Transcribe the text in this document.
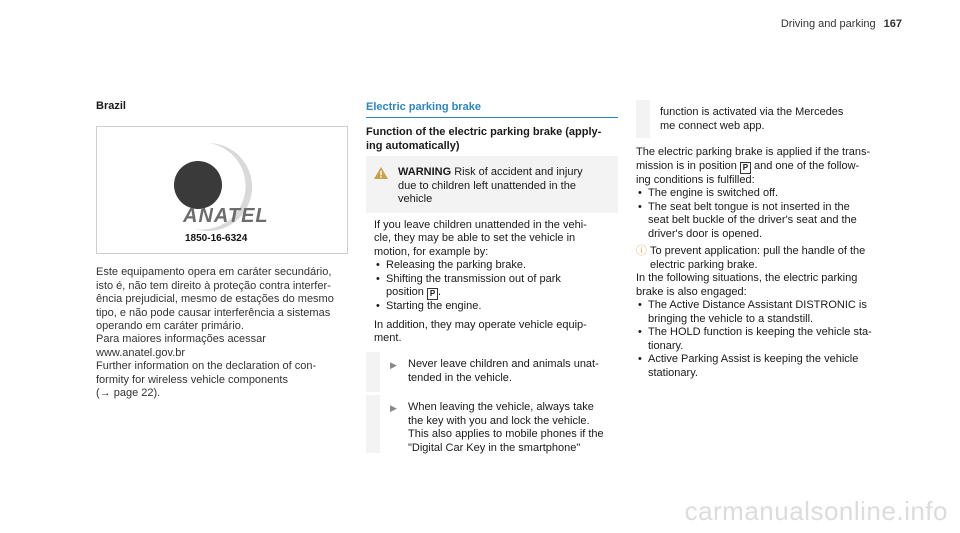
Driving and parking 167
Brazil
ANATEL
1850-16-6324
Este equipamento opera em caráter secundário, isto é, não tem direito à proteção contra interfer-ência prejudicial, mesmo de estações do mesmo tipo, e não pode causar interferência a sistemas operando em caráter primário.
Para maiores informações acessar
www.anatel.gov.br
Further information on the declaration of con-
formity for wireless vehicle components
(→ page 22).
Electric parking brake
Function of the electric parking brake (apply-
ing automatically)
WARNING Risk of accident and injury
due to children left unattended in the
vehicle
If you leave children unattended in the vehi-
cle, they may be able to set the vehicle in
motion, for example by:
• Releasing the parking brake.
• Shifting the transmission out of park
position P .
• Starting the engine.
In addition, they may operate vehicle equip-
ment.
▶ Never leave children and animals unat-
tended in the vehicle.
▶ When leaving the vehicle, always take
the key with you and lock the vehicle.
This also applies to mobile phones if the
"Digital Car Key in the smartphone"
function is activated via the Mercedes
me connect web app.
The electric parking brake is applied if the trans-
mission is in position P and one of the follow-
ing conditions is fulfilled:
• The engine is switched off.
• The seat belt tongue is not inserted in the
seat belt buckle of the driver's seat and the
driver's door is opened.
ⓘ To prevent application: pull the handle of the
electric parking brake.
In the following situations, the electric parking
brake is also engaged:
• The Active Distance Assistant DISTRONIC is
bringing the vehicle to a standstill.
• The HOLD function is keeping the vehicle sta-
tionary.
• Active Parking Assist is keeping the vehicle
stationary.
carmanualsonline.info
